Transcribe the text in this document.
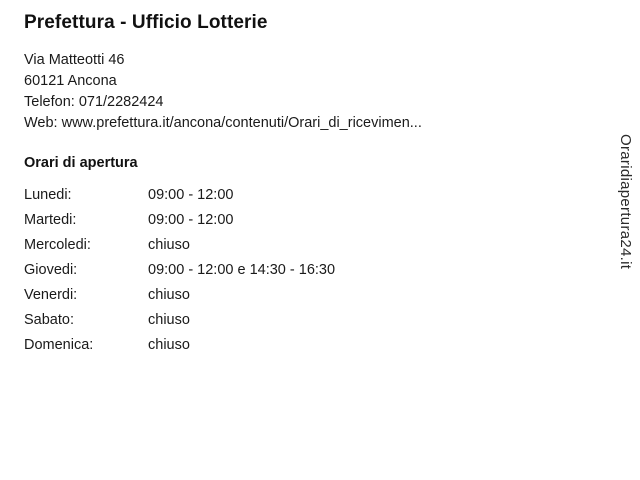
Prefettura - Ufficio Lotterie

Via Matteotti 46

60121 Ancona

Telefon: 071/2282424

Web: www.prefettura.it/ancona/contenuti/Orari_di_ricevimen...

Orari di apertura
Lunedi:	09:00 - 12:00
Martedi:	09:00 - 12:00
Mercoledi:	chiuso
Giovedi:	09:00 - 12:00 e 14:30 - 16:30
Venerdi:	chiuso
Sabato:	chiuso
Domenica:	chiuso
Oraridiapertura24.it
